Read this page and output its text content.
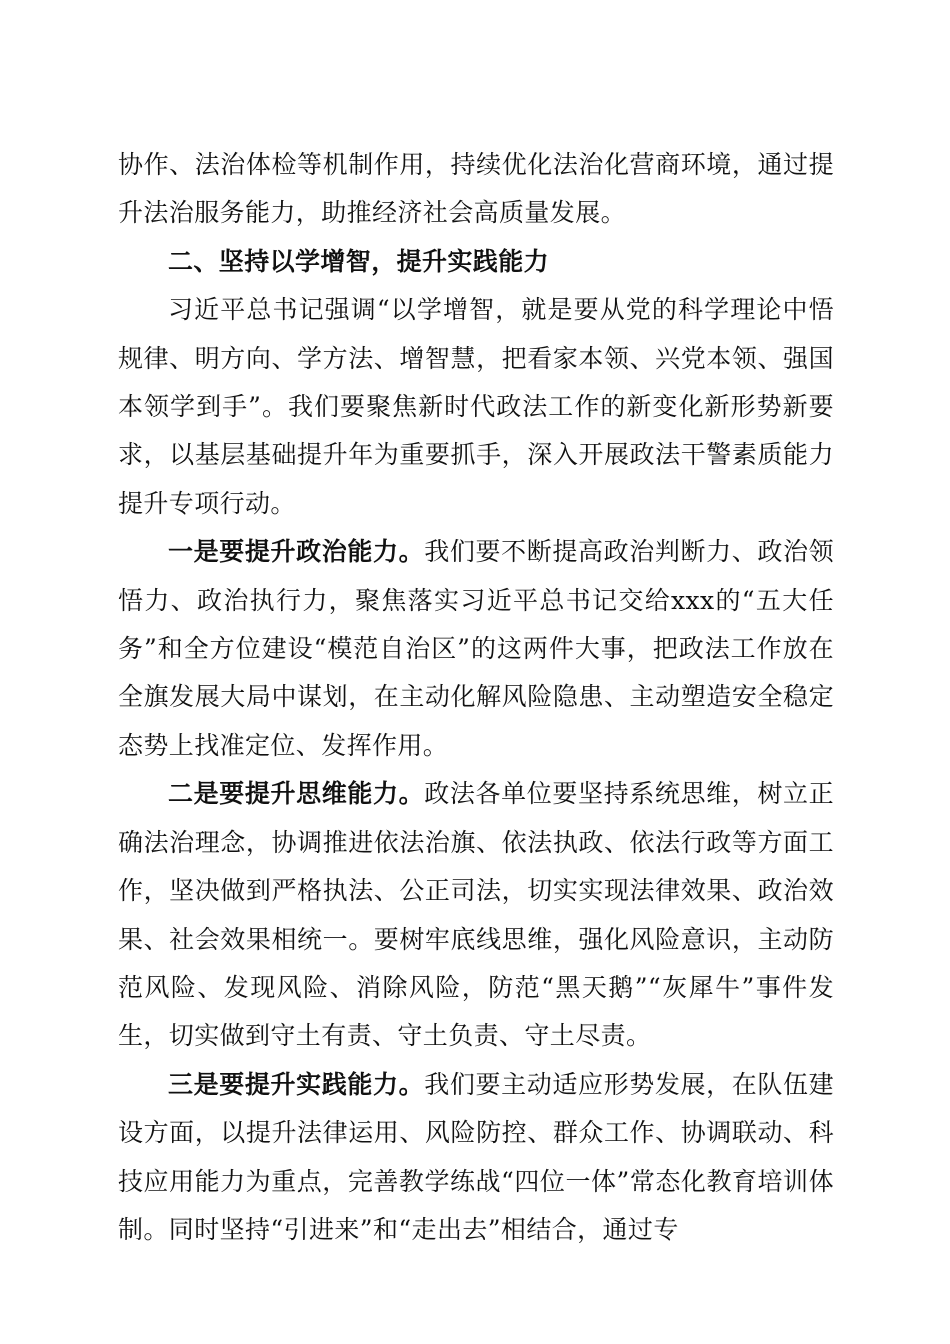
协作、法治体检等机制作用，持续优化法治化营商环境，通过提升法治服务能力，助推经济社会高质量发展。

二、坚持以学增智，提升实践能力

习近平总书记强调“以学增智，就是要从党的科学理论中悟规律、明方向、学方法、增智慧，把看家本领、兴党本领、强国本领学到手”。我们要聚焦新时代政法工作的新变化新形势新要求，以基层基础提升年为重要抓手，深入开展政法干警素质能力提升专项行动。

一是要提升政治能力。我们要不断提高政治判断力、政治领悟力、政治执行力，聚焦落实习近平总书记交给xxx的“五大任务”和全方位建设“模范自治区”的这两件大事，把政法工作放在全旗发展大局中谋划，在主动化解风险隐患、主动塑造安全稳定态势上找准定位、发挥作用。

二是要提升思维能力。政法各单位要坚持系统思维，树立正确法治理念，协调推进依法治旗、依法执政、依法行政等方面工作，坚决做到严格执法、公正司法，切实实现法律效果、政治效果、社会效果相统一。要树牢底线思维，强化风险意识，主动防范风险、发现风险、消除风险，防范“黑天鹅”“灰犀牛”事件发生，切实做到守土有责、守土负责、守土尽责。

三是要提升实践能力。我们要主动适应形势发展，在队伍建设方面，以提升法律运用、风险防控、群众工作、协调联动、科技应用能力为重点，完善教学练战“四位一体”常态化教育培训体制。同时坚持“引进来”和“走出去”相结合，通过专
